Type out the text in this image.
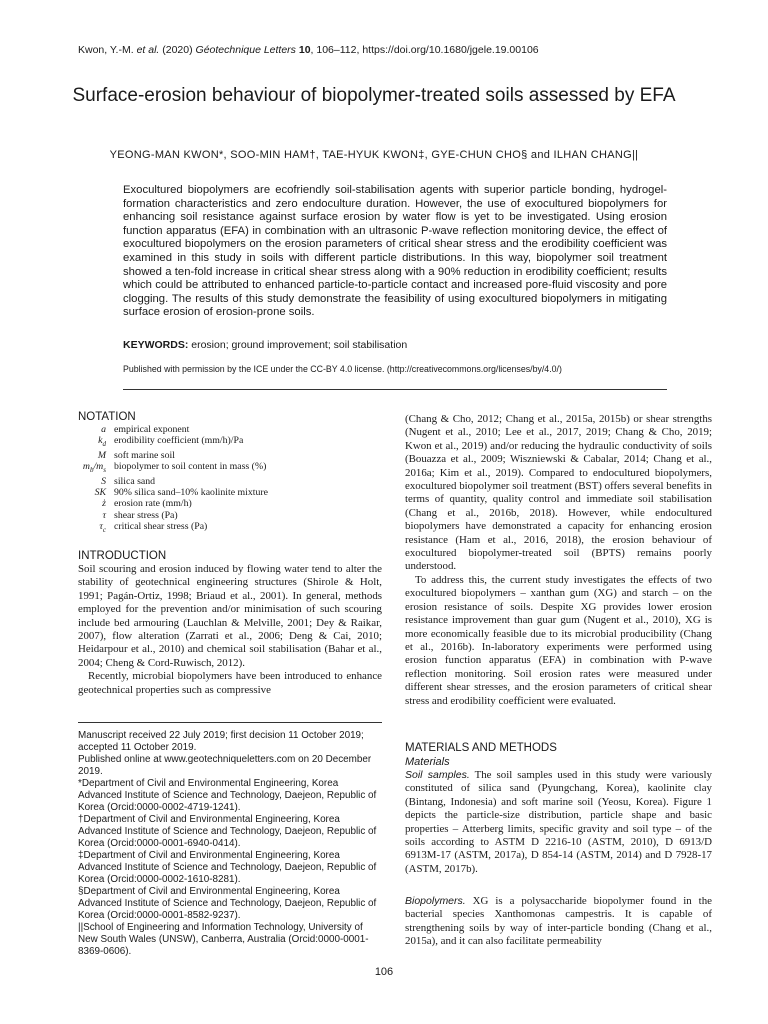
Kwon, Y.-M. et al. (2020) Géotechnique Letters 10, 106–112, https://doi.org/10.1680/jgele.19.00106
Surface-erosion behaviour of biopolymer-treated soils assessed by EFA
YEONG-MAN KWON*, SOO-MIN HAM†, TAE-HYUK KWON‡, GYE-CHUN CHO§ and ILHAN CHANG||
Exocultured biopolymers are ecofriendly soil-stabilisation agents with superior particle bonding, hydrogel-formation characteristics and zero endoculture duration. However, the use of exocultured biopolymers for enhancing soil resistance against surface erosion by water flow is yet to be investigated. Using erosion function apparatus (EFA) in combination with an ultrasonic P-wave reflection monitoring device, the effect of exocultured biopolymers on the erosion parameters of critical shear stress and the erodibility coefficient was examined in this study in soils with different particle distributions. In this way, biopolymer soil treatment showed a ten-fold increase in critical shear stress along with a 90% reduction in erodibility coefficient; results which could be attributed to enhanced particle-to-particle contact and increased pore-fluid viscosity and pore clogging. The results of this study demonstrate the feasibility of using exocultured biopolymers in mitigating surface erosion of erosion-prone soils.
KEYWORDS: erosion; ground improvement; soil stabilisation
Published with permission by the ICE under the CC-BY 4.0 license. (http://creativecommons.org/licenses/by/4.0/)
NOTATION
a empirical exponent
$k_d$ erodibility coefficient (mm/h)/Pa
M soft marine soil
$m_b/m_s$ biopolymer to soil content in mass (%)
S silica sand
SK 90% silica sand–10% kaolinite mixture
ż erosion rate (mm/h)
τ shear stress (Pa)
$\tau_c$ critical shear stress (Pa)
INTRODUCTION

Soil scouring and erosion induced by flowing water tend to alter the stability of geotechnical engineering structures (Shirole & Holt, 1991; Pagán-Ortiz, 1998; Briaud et al., 2001). In general, methods employed for the prevention and/or minimisation of such scouring include bed armouring (Lauchlan & Melville, 2001; Dey & Raikar, 2007), flow alteration (Zarrati et al., 2006; Deng & Cai, 2010; Heidarpour et al., 2010) and chemical soil stabilisation (Bahar et al., 2004; Cheng & Cord-Ruwisch, 2012).

Recently, microbial biopolymers have been introduced to enhance geotechnical properties such as compressive

Manuscript received 22 July 2019; first decision 11 October 2019; accepted 11 October 2019.

Published online at www.geotechniqueletters.com on 20 December 2019.

*Department of Civil and Environmental Engineering, Korea Advanced Institute of Science and Technology, Daejeon, Republic of Korea (Orcid:0000-0002-4719-1241).

†Department of Civil and Environmental Engineering, Korea Advanced Institute of Science and Technology, Daejeon, Republic of Korea (Orcid:0000-0001-6940-0414).

‡Department of Civil and Environmental Engineering, Korea Advanced Institute of Science and Technology, Daejeon, Republic of Korea (Orcid:0000-0002-1610-8281).

§Department of Civil and Environmental Engineering, Korea Advanced Institute of Science and Technology, Daejeon, Republic of Korea (Orcid:0000-0001-8582-9237).

||School of Engineering and Information Technology, University of New South Wales (UNSW), Canberra, Australia (Orcid:0000-0001-8369-0606).

(Chang & Cho, 2012; Chang et al., 2015a, 2015b) or shear strengths (Nugent et al., 2010; Lee et al., 2017, 2019; Chang & Cho, 2019; Kwon et al., 2019) and/or reducing the hydraulic conductivity of soils (Bouazza et al., 2009; Wiszniewski & Cabalar, 2014; Chang et al., 2016a; Kim et al., 2019). Compared to endocultured biopolymers, exocultured biopolymer soil treatment (BST) offers several benefits in terms of quantity, quality control and immediate soil stabilisation (Chang et al., 2016b, 2018). However, while endocultured biopolymers have demonstrated a capacity for enhancing erosion resistance (Ham et al., 2016, 2018), the erosion behaviour of exocultured biopolymer-treated soil (BPTS) remains poorly understood.

To address this, the current study investigates the effects of two exocultured biopolymers – xanthan gum (XG) and starch – on the erosion resistance of soils. Despite XG provides lower erosion resistance improvement than guar gum (Nugent et al., 2010), XG is more economically feasible due to its microbial producibility (Chang et al., 2016b). In-laboratory experiments were performed using erosion function apparatus (EFA) in combination with P-wave reflection monitoring. Soil erosion rates were measured under different shear stresses, and the erosion parameters of critical shear stress and erodibility coefficient were evaluated.

MATERIALS AND METHODS
Materials
Soil samples. The soil samples used in this study were variously constituted of silica sand (Pyungchang, Korea), kaolinite clay (Bintang, Indonesia) and soft marine soil (Yeosu, Korea). Figure 1 depicts the particle-size distribution, particle shape and basic properties – Atterberg limits, specific gravity and soil type – of the soils according to ASTM D 2216-10 (ASTM, 2010), D 6913/D 6913M-17 (ASTM, 2017a), D 854-14 (ASTM, 2014) and D 7928-17 (ASTM, 2017b).
Biopolymers. XG is a polysaccharide biopolymer found in the bacterial species Xanthomonas campestris. It is capable of strengthening soils by way of inter-particle bonding (Chang et al., 2015a), and it can also facilitate permeability
106
